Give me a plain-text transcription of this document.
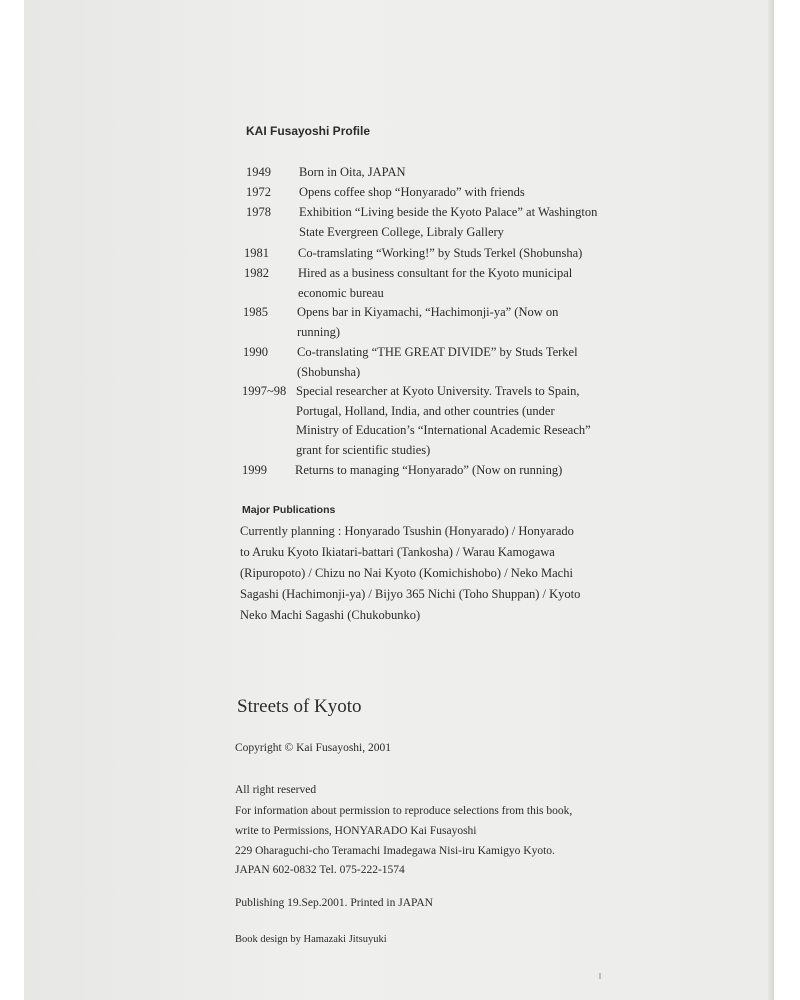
KAI Fusayoshi Profile
1949 Born in Oita, JAPAN
1972 Opens coffee shop “Honyarado” with friends
1978 Exhibition “Living beside the Kyoto Palace” at Washington
State Evergreen College, Libraly Gallery
1981 Co-tramslating “Working!” by Studs Terkel (Shobunsha)
1982 Hired as a business consultant for the Kyoto municipal
economic bureau
1985 Opens bar in Kiyamachi, “Hachimonji-ya” (Now on
running)
1990 Co-translating “THE GREAT DIVIDE” by Studs Terkel
(Shobunsha)
1997~98 Special researcher at Kyoto University. Travels to Spain,
Portugal, Holland, India, and other countries (under
Ministry of Education’s “International Academic Reseach”
grant for scientific studies)
1999 Returns to managing “Honyarado” (Now on running)
Major Publications
Currently planning : Honyarado Tsushin (Honyarado) / Honyarado
to Aruku Kyoto Ikiatari-battari (Tankosha) / Warau Kamogawa
(Ripuropoto) / Chizu no Nai Kyoto (Komichishobo) / Neko Machi
Sagashi (Hachimonji-ya) / Bijyo 365 Nichi (Toho Shuppan) / Kyoto
Neko Machi Sagashi (Chukobunko)
Streets of Kyoto
Copyright © Kai Fusayoshi, 2001
All right reserved
For information about permission to reproduce selections from this book,
write to Permissions, HONYARADO Kai Fusayoshi
229 Oharaguchi-cho Teramachi Imadegawa Nisi-iru Kamigyo Kyoto.
JAPAN 602-0832 Tel. 075-222-1574
Publishing 19.Sep.2001. Printed in JAPAN
Book design by Hamazaki Jitsuyuki
